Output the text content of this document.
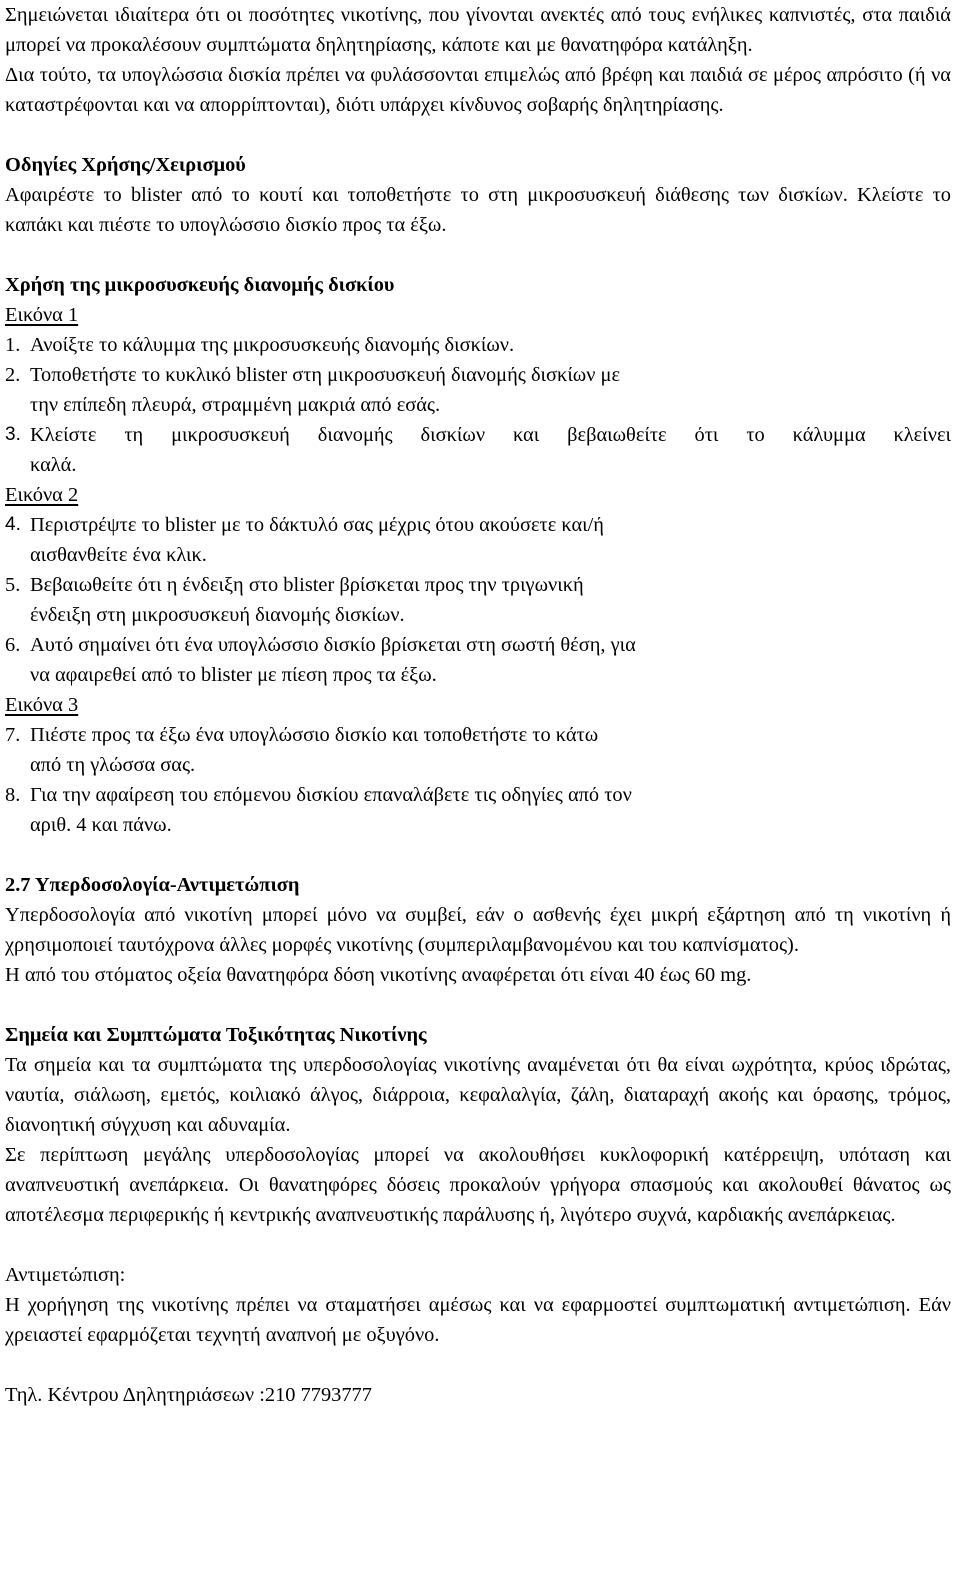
Σημειώνεται ιδιαίτερα ότι οι ποσότητες νικοτίνης, που γίνονται ανεκτές από τους ενήλικες καπνιστές, στα παιδιά μπορεί να προκαλέσουν συμπτώματα δηλητηρίασης, κάποτε και με θανατηφόρα κατάληξη.

Δια τούτο, τα υπογλώσσια δισκία πρέπει να φυλάσσονται επιμελώς από βρέφη και παιδιά σε μέρος απρόσιτο (ή να καταστρέφονται και να απορρίπτονται), διότι υπάρχει κίνδυνος σοβαρής δηλητηρίασης.

Οδηγίες Χρήσης/Χειρισμού

Αφαιρέστε το blister από το κουτί και τοποθετήστε το στη μικροσυσκευή διάθεσης των δισκίων. Κλείστε το καπάκι και πιέστε το υπογλώσσιο δισκίο προς τα έξω.

Χρήση της μικροσυσκευής διανομής δισκίου

Εικόνα 1

1. Ανοίξτε το κάλυμμα της μικροσυσκευής διανομής δισκίων.
2. Τοποθετήστε το κυκλικό blister στη μικροσυσκευή διανομής δισκίων με
την επίπεδη πλευρά, στραμμένη μακριά από εσάς.
3. Κλείστε τη μικροσυσκευή διανομής δισκίων και βεβαιωθείτε ότι το κάλυμμα κλείνει
καλά.

Εικόνα 2

4. Περιστρέψτε το blister με το δάκτυλό σας μέχρις ότου ακούσετε και/ή
αισθανθείτε ένα κλικ.
5. Βεβαιωθείτε ότι η ένδειξη στο blister βρίσκεται προς την τριγωνική
ένδειξη στη μικροσυσκευή διανομής δισκίων.
6. Αυτό σημαίνει ότι ένα υπογλώσσιο δισκίο βρίσκεται στη σωστή θέση, για
να αφαιρεθεί από το blister με πίεση προς τα έξω.

Εικόνα 3

7. Πιέστε προς τα έξω ένα υπογλώσσιο δισκίο και τοποθετήστε το κάτω
από τη γλώσσα σας.
8. Για την αφαίρεση του επόμενου δισκίου επαναλάβετε τις οδηγίες από τον
αριθ. 4 και πάνω.

2.7 Υπερδοσολογία-Αντιμετώπιση

Υπερδοσολογία από νικοτίνη μπορεί μόνο να συμβεί, εάν ο ασθενής έχει μικρή εξάρτηση από τη νικοτίνη ή χρησιμοποιεί ταυτόχρονα άλλες μορφές νικοτίνης (συμπεριλαμβανομένου και του καπνίσματος).

Η από του στόματος οξεία θανατηφόρα δόση νικοτίνης αναφέρεται ότι είναι 40 έως 60 mg.

Σημεία και Συμπτώματα Τοξικότητας Νικοτίνης

Τα σημεία και τα συμπτώματα της υπερδοσολογίας νικοτίνης αναμένεται ότι θα είναι ωχρότητα, κρύος ιδρώτας, ναυτία, σιάλωση, εμετός, κοιλιακό άλγος, διάρροια, κεφαλαλγία, ζάλη, διαταραχή ακοής και όρασης, τρόμος, διανοητική σύγχυση και αδυναμία.

Σε περίπτωση μεγάλης υπερδοσολογίας μπορεί να ακολουθήσει κυκλοφορική κατέρρειψη, υπόταση και αναπνευστική ανεπάρκεια. Οι θανατηφόρες δόσεις προκαλούν γρήγορα σπασμούς και ακολουθεί θάνατος ως αποτέλεσμα περιφερικής ή κεντρικής αναπνευστικής παράλυσης ή, λιγότερο συχνά, καρδιακής ανεπάρκειας.

Αντιμετώπιση:

Η χορήγηση της νικοτίνης πρέπει να σταματήσει αμέσως και να εφαρμοστεί συμπτωματική αντιμετώπιση. Εάν χρειαστεί εφαρμόζεται τεχνητή αναπνοή με οξυγόνο.

Τηλ. Κέντρου Δηλητηριάσεων :210 7793777
